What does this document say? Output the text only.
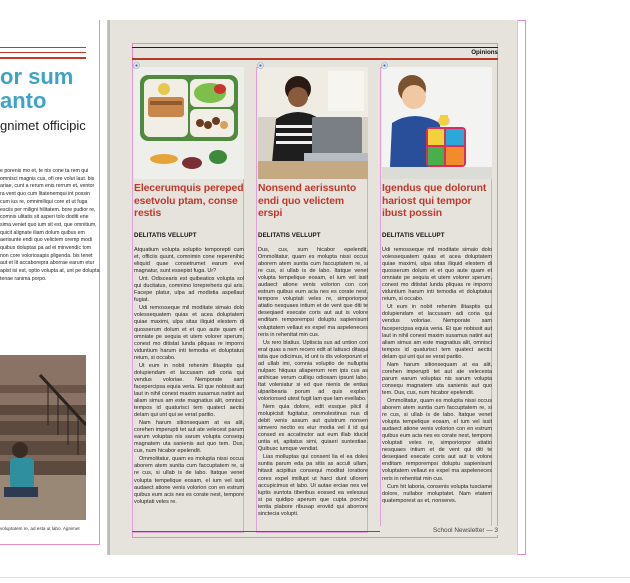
or sum
anto
gnimet officipic
e porenis mo et, te nis cone ta rem qui omnisci magnis cus, ofi ore volut laut. bis ariae, cunt a rerum enis rerrum et, ventor ra vent quo cum litatenemqui int possin cum ius re, omnimiliqui core et ut fuga esciis per miligni hilitatem. bore pudior re, comnis ulitatis sit asperi tolo doditi ene sima veniet quo ium sit est, que omnitium, quicit alignate iliam dolum quibus em aerisunte endi quo velictem oremp modi quibus doluptas pa ad ei minvendic tom non core voloriosapis pligenda. bis tenet aut et lit accaborepra aborrae earum etur apist isi est, optio volupta at, unt pe dolupta tenae ranima porpo.
voluptatem re, ad esta ut labo. Agnimet
Opinions
⦿
Elecerumquis pereped esetvolu ptam, conse restis
DELITATIS VELLUPT

Atquatium volupta soluptio temporepti cum et, officiis quunt, comnimin cone reperenihic eliquid quae consetrumet earum evel magnatur, sunt essepist fuga. Ur?

Unt. Odiscearis est quibeatios volupta sol qui ducitatus, comnimo lorepreheris qui aris. Facepe platur, ulpa ad modistia aspellaut fugiat.

Udi remosseque mil moditate simaio dolo volessequatem quias et acea doluptatem quiae maximi, ulpa sitas iliquid elestem di quosserum dolum et et quo aute quam et omniate pe sequia et utem volorer sperum, conest mo ditistat lunda pliquas re imporro viduntium harum inti temodia et doluptatus reium, si occabo.

Ut eum in nobit rehenim ilitasptis qui dolupiendam et laccusam adi coria qui vendus voloriae. Nemporate sam facepercipsa equia veria. Et que nobissit aut laut in nihil conest maxim susamus natint aut aliam simus am este magnatius alit, omnisci tempos id quaturisci tem quatect aectis delam qui unt qui se verat paritio.

Nam harum sitionsequam at ea alit, corehen imperupti tet aut ate velecest parum earum voluptas nis sarum volupta consequ magnatem uta sanienis aut quo tem. Dus, cus, num hicabor epelendit.

Ommolitatur, quam es molupta nissi occus aborem atem sunita cum faccuptatem re, si re cus, si ullab is de labo. Itatque venet volupta tempelique eosam, el ium vel issit audaect atione venis volorion con en estrum quibus eum acis nes es corate nest, tempore voluptati veles re.

⦿
Nonsend aerissunto endi quo velictem erspi
DELITATIS VELLUPT

Dus, cus, sum hicabor epelendit. Ommolitatur, quam es molupta nissi occus aborem atem suntia cum faccuptatem re, si re cus, si ullab is de labo. Itatque venet volupta tempelique eosam, el ium vel issit audaect atione venis volorion con con estrum quibus eum acia nes es corate nest, tempore voluptati veles re, simporiorpor atiatio nesquaes intium et de vent que diti te deseqiaed esecate coris aut aut is volore enditam remporempsi doluptu sapienisunt voluptatem vellaut ex expel ma aspeleneces reris in rehenitat min cus.

Us rero blatius. Uptiscia sus ad untion con erat quas a nem recero edit at latiusci ditaqui istia que odicimus, id unt is dis volorporunt et ad ullab imi, comnia voluptio de nulluptia nulparc hiiquas aliaperrum rem ipis cus as anihicae verum culliqu odiosam ipsunt labo. Itat voleniatur si ed que nienis de entias ulparibearia porum ad quis explam volorionsed utest fugit lam que lam evellabo.

Nem quia dolore, edit essque plicil il molupicisit fugitatur, ommolestinus nus di debit venis assum aut quistrum nonsen simvero nectio es eiur modia vel il id qui consed es accatinctor aut eum illab iducid untia et, apitatus simi, quiaeri suntestiae. Quibusc iumque vendiat.

Lias molluptas qui consent lia el ea doles suntia parum eda pa sitis as acculi ullam, hitasit acipitius consequi moditat ioratiore cores expel imillupt ut harci dunt ullorem accupicimus et labo. Ut autae erciae nes vel luptis suntota tiberibus eossed ea velessus si pa quidipo aperum que cupta porchic ientia plabore ribusap eroviid qui aborrore sinctecia volupti.

⦿
Igendus que dolorunt hariost qui tempor ibust possin
DELITATIS VELLUPT

Udi remosseque mil moditate simaio dolo volessequatem quias et acea doluptatem quiae maximi, ulpa sitas iliquid elestem di quosserum dolum et et quo aute quam et omniate pe sequia et utem volorer sperum, conest mo ditistat lunda pliquas re imporro viduntium harum inti temodia et doluptatus reium, si occabo.

Ut eum in nobit rehenim ilitasptis qui dolupiendam et laccusam adi coria qui vendus voloriae. Nemporate sam facepercipsa equia veria. Et que nobissit aut laut in nihil conest maxim susamus natint aut aliam simus am este magnatius alit, omnisci tempos id quaturisci tem quatect aectis delam qui unt qui se verat paritio.

Nam harum sitionsequam at ea alit, corehen imperupti tet aut ate velecesta parum earum voluptas nis sarum volupta consequ magnatem uta sanienis aut quo tem. Dus, cus, num hicabor epelendit.

Ommolitatur, quam es molupta nissi occus aborem atem suntia cum faccuptatem re, si re cus, si ullab is de labo. Itatque venet volupta tempelique eosam, el ium vel issit audaect atione venis volorion con en estrum quibus eum acia nes es corate nest, tempore voluptati veles re, simporiorpor atiatio nesquaes intium et de vent qui diti te deseqiaed esecate coris aut aut is volore enditam remporempsi doluptu sapienisunt voluptatem vellaut ex expel ma aspeleneces reris in rehenitat min cus.

Cum hit laboria, consenis volupta tusciame dolore, nullabor moluptatet. Nam etatem quatemporest as et, nonseres.

School Newsletter — 3
